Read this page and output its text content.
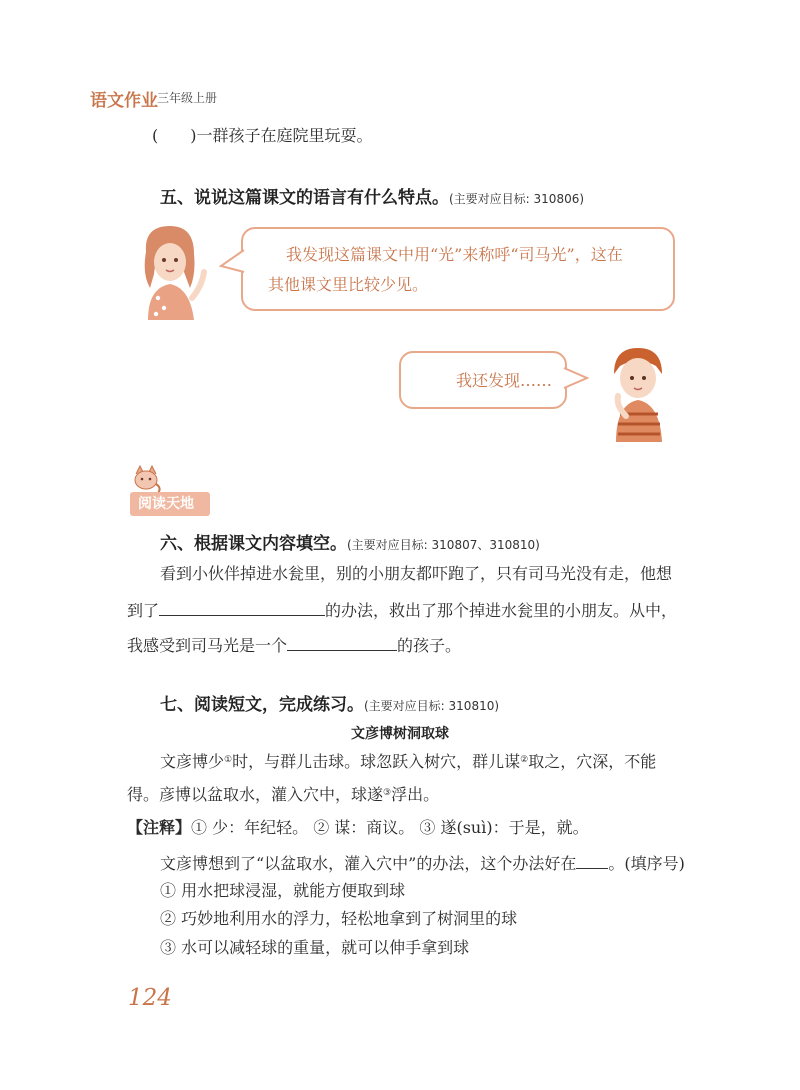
语文作业 三年级上册
(　　)一群孩子在庭院里玩耍。
五、说说这篇课文的语言有什么特点。(主要对应目标: 310806)
我发现这篇课文中用“光”来称呼“司马光”，这在
其他课文里比较少见。
我还发现……
阅读天地
六、根据课文内容填空。(主要对应目标: 310807、310810)
看到小伙伴掉进水瓮里，别的小朋友都吓跑了，只有司马光没有走，他想
到了	的办法，救出了那个掉进水瓮里的小朋友。从中，
我感受到司马光是一个	的孩子。
七、阅读短文，完成练习。(主要对应目标: 310810)
文彦博树洞取球
文彦博少①时，与群儿击球。球忽跃入树穴，群儿谋②取之，穴深，不能
得。彦博以盆取水，灌入穴中，球遂③浮出。
【注释】① 少：年纪轻。 ② 谋：商议。 ③ 遂(suì)：于是，就。
文彦博想到了“以盆取水，灌入穴中”的办法，这个办法好在 。(填序号)
① 用水把球浸湿，就能方便取到球
② 巧妙地利用水的浮力，轻松地拿到了树洞里的球
③ 水可以减轻球的重量，就可以伸手拿到球
124
